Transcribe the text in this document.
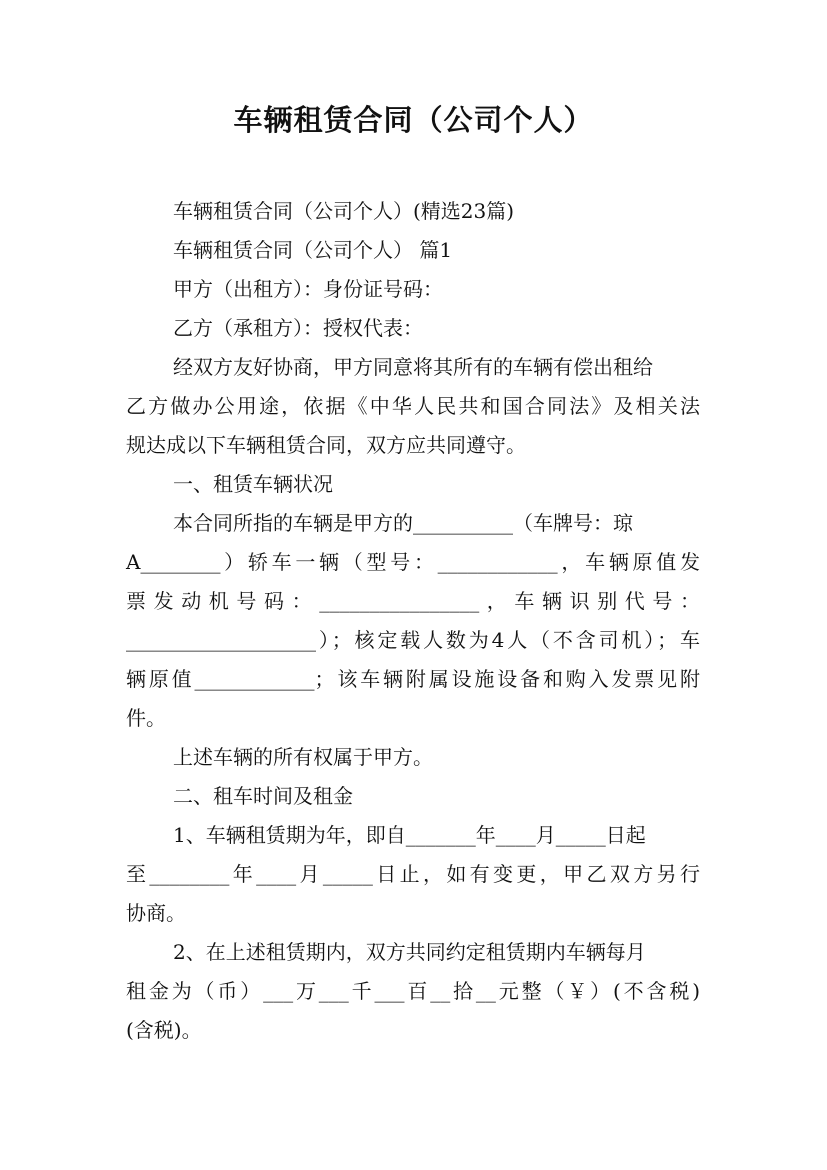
车辆租赁合同（公司个人）
车辆租赁合同（公司个人）(精选23篇)
车辆租赁合同（公司个人） 篇1
甲方（出租方）：身份证号码：
乙方（承租方）：授权代表：
经双方友好协商，甲方同意将其所有的车辆有偿出租给
乙方做办公用途，依据《中华人民共和国合同法》及相关法
规达成以下车辆租赁合同，双方应共同遵守。
一、租赁车辆状况
本合同所指的车辆是甲方的__________（车牌号：琼
A________）轿车一辆（型号：____________，车辆原值发
票发动机号码：________________，车辆识别代号：
___________________）；核定载人数为4人（不含司机）；车
辆原值____________；该车辆附属设施设备和购入发票见附
件。
上述车辆的所有权属于甲方。
二、租车时间及租金
1、车辆租赁期为年，即自_______年____月_____日起
至________年____月_____日止，如有变更，甲乙双方另行
协商。
2、在上述租赁期内，双方共同约定租赁期内车辆每月
租金为（币）___万___千___百__拾__元整（￥）(不含税)
(含税)。
